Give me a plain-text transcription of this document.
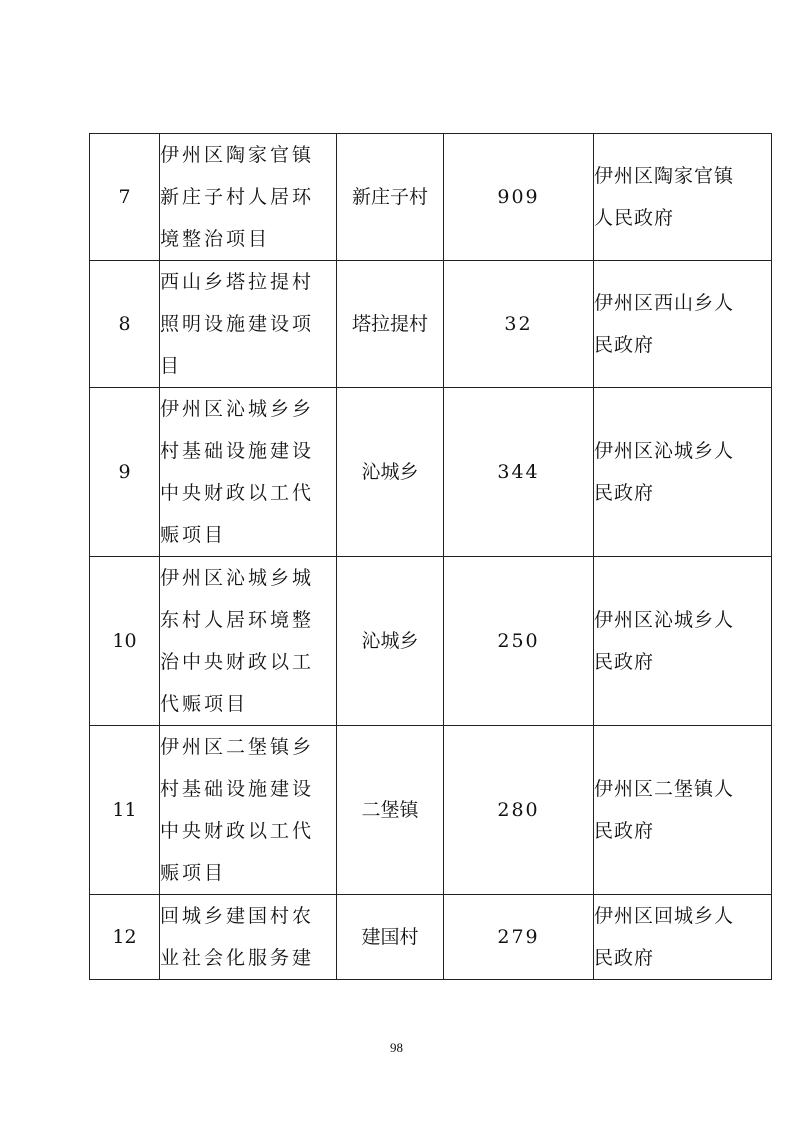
7	伊州区陶家官镇
新庄子村人居环
境整治项目	新庄子村	909	伊州区陶家官镇
人民政府

8	西山乡塔拉提村
照明设施建设项
目	塔拉提村	32	伊州区西山乡人
民政府

9	伊州区沁城乡乡
村基础设施建设
中央财政以工代
赈项目	沁城乡	344	伊州区沁城乡人
民政府

10	伊州区沁城乡城
东村人居环境整
治中央财政以工
代赈项目	沁城乡	250	伊州区沁城乡人
民政府

11	伊州区二堡镇乡
村基础设施建设
中央财政以工代
赈项目	二堡镇	280	伊州区二堡镇人
民政府

12	回城乡建国村农
业社会化服务建	建国村	279	伊州区回城乡人
民政府
98
